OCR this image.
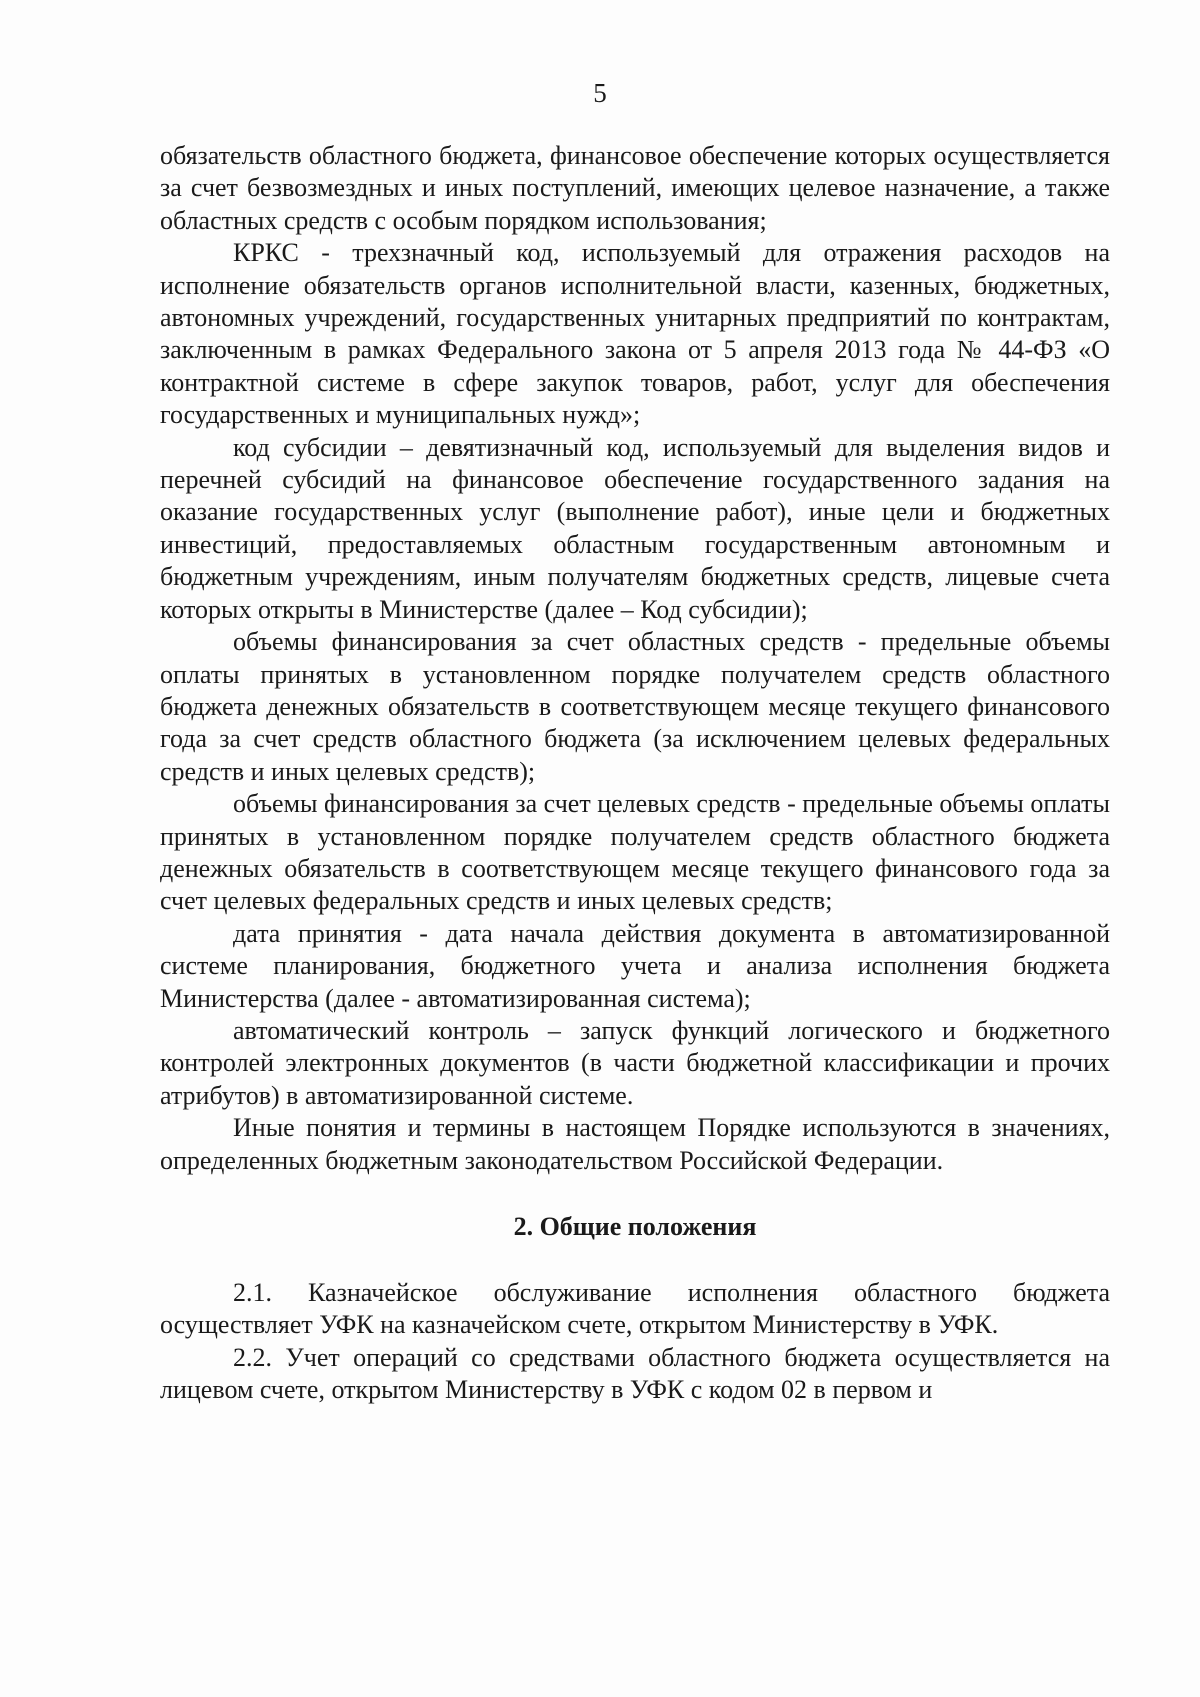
5

обязательств областного бюджета, финансовое обеспечение которых осуществляется за счет безвозмездных и иных поступлений, имеющих целевое назначение, а также областных средств с особым порядком использования;

КРКС - трехзначный код, используемый для отражения расходов на исполнение обязательств органов исполнительной власти, казенных, бюджетных, автономных учреждений, государственных унитарных предприятий по контрактам, заключенным в рамках Федерального закона от 5 апреля 2013 года № 44-ФЗ «О контрактной системе в сфере закупок товаров, работ, услуг для обеспечения государственных и муниципальных нужд»;

код субсидии – девятизначный код, используемый для выделения видов и перечней субсидий на финансовое обеспечение государственного задания на оказание государственных услуг (выполнение работ), иные цели и бюджетных инвестиций, предоставляемых областным государственным автономным и бюджетным учреждениям, иным получателям бюджетных средств, лицевые счета которых открыты в Министерстве (далее – Код субсидии);

объемы финансирования за счет областных средств - предельные объемы оплаты принятых в установленном порядке получателем средств областного бюджета денежных обязательств в соответствующем месяце текущего финансового года за счет средств областного бюджета (за исключением целевых федеральных средств и иных целевых средств);

объемы финансирования за счет целевых средств - предельные объемы оплаты принятых в установленном порядке получателем средств областного бюджета денежных обязательств в соответствующем месяце текущего финансового года за счет целевых федеральных средств и иных целевых средств;

дата принятия - дата начала действия документа в автоматизированной системе планирования, бюджетного учета и анализа исполнения бюджета Министерства (далее - автоматизированная система);

автоматический контроль – запуск функций логического и бюджетного контролей электронных документов (в части бюджетной классификации и прочих атрибутов) в автоматизированной системе.

Иные понятия и термины в настоящем Порядке используются в значениях, определенных бюджетным законодательством Российской Федерации.

2. Общие положения

2.1. Казначейское обслуживание исполнения областного бюджета осуществляет УФК на казначейском счете, открытом Министерству в УФК.

2.2. Учет операций со средствами областного бюджета осуществляется на лицевом счете, открытом Министерству в УФК с кодом 02 в первом и
